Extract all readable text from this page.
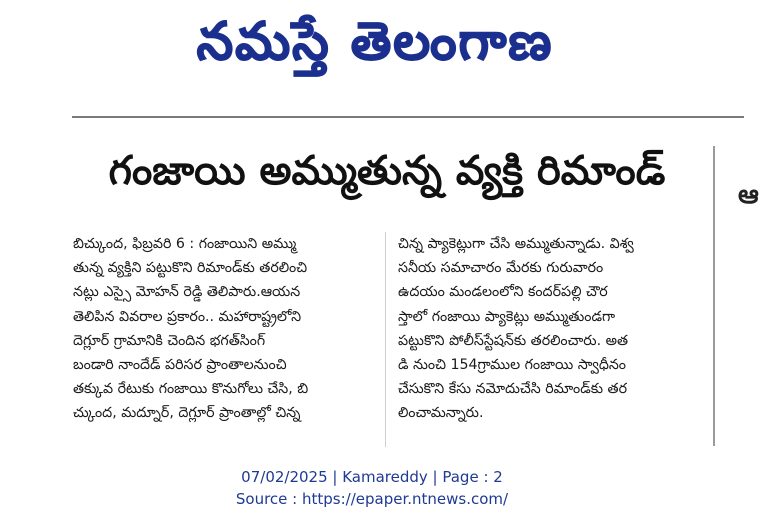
నమస్తే తెలంగాణ
గంజాయి అమ్ముతున్న వ్యక్తి రిమాండ్
బిచ్కుంద, ఫిబ్రవరి 6 : గంజాయిని అమ్ము
తున్న వ్యక్తిని పట్టుకొని రిమాండ్‌కు తరలించి
నట్లు ఎస్సై మోహన్ రెడ్డి తెలిపారు.ఆయన
తెలిపిన వివరాల ప్రకారం.. మహారాష్ట్రలోని
దెగ్లూర్ గ్రామానికి చెందిన భగత్‌సింగ్
బండారి నాందేడ్ పరిసర ప్రాంతాలనుంచి
తక్కువ రేటుకు గంజాయి కొనుగోలు చేసి, బి
చ్కుంద, మద్నూర్, దెగ్లూర్ ప్రాంతాల్లో చిన్న
చిన్న ప్యాకెట్లుగా చేసి అమ్ముతున్నాడు. విశ్వ
సనీయ సమాచారం మేరకు గురువారం
ఉదయం మండలంలోని కందర్‌పల్లి చౌర
స్తాలో గంజాయి ప్యాకెట్లు అమ్ముతుండగా
పట్టుకొని పోలీస్‌స్టేషన్‌కు తరలించారు. అత
డి నుంచి 154గ్రాముల గంజాయి స్వాధీనం
చేసుకొని కేసు నమోదుచేసి రిమాండ్‌కు తర
లించామన్నారు.
ఆ
07/02/2025 | Kamareddy | Page : 2
Source : https://epaper.ntnews.com/
